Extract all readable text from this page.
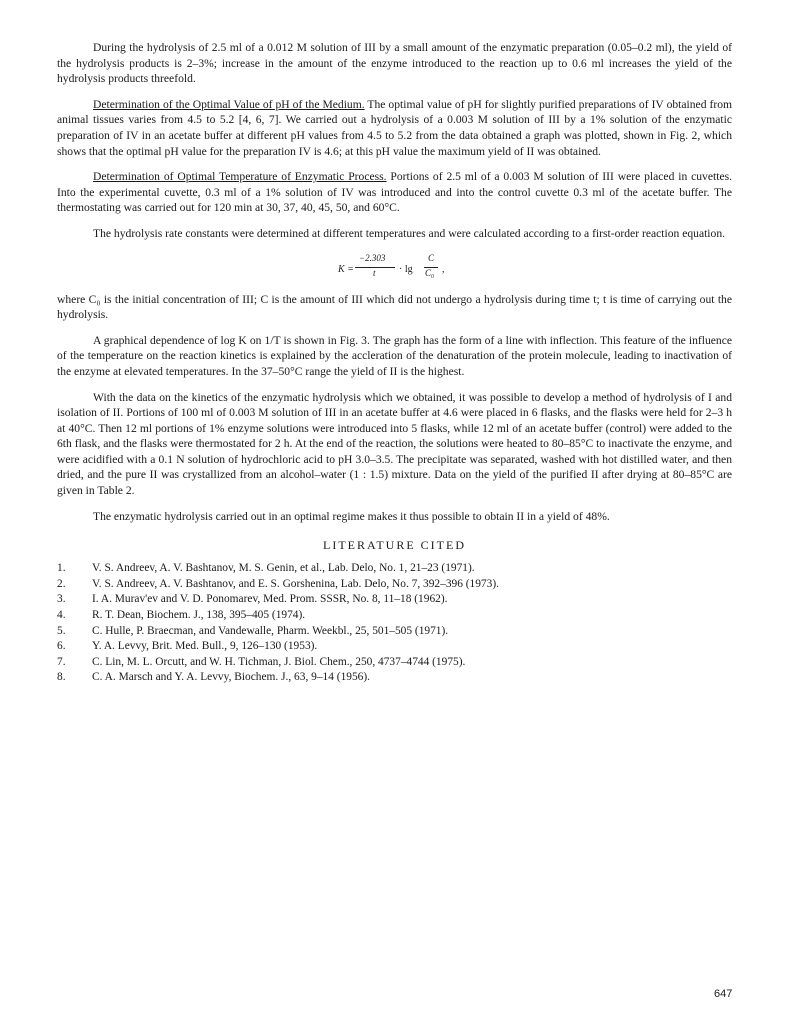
During the hydrolysis of 2.5 ml of a 0.012 M solution of III by a small amount of the enzymatic preparation (0.05–0.2 ml), the yield of the hydrolysis products is 2–3%; increase in the amount of the enzyme introduced to the reaction up to 0.6 ml increases the yield of the hydrolysis products threefold.

Determination of the Optimal Value of pH of the Medium. The optimal value of pH for slightly purified preparations of IV obtained from animal tissues varies from 4.5 to 5.2 [4, 6, 7]. We carried out a hydrolysis of a 0.003 M solution of III by a 1% solution of the enzymatic preparation of IV in an acetate buffer at different pH values from 4.5 to 5.2 from the data obtained a graph was plotted, shown in Fig. 2, which shows that the optimal pH value for the preparation IV is 4.6; at this pH value the maximum yield of II was obtained.

Determination of Optimal Temperature of Enzymatic Process. Portions of 2.5 ml of a 0.003 M solution of III were placed in cuvettes. Into the experimental cuvette, 0.3 ml of a 1% solution of IV was introduced and into the control cuvette 0.3 ml of the acetate buffer. The thermostating was carried out for 120 min at 30, 37, 40, 45, 50, and 60°C.

The hydrolysis rate constants were determined at different temperatures and were calculated according to a first-order reaction equation.

K =
−2.303
t · lg
C
C₀ ,

where C₀ is the initial concentration of III; C is the amount of III which did not undergo a hydrolysis during time t; t is time of carrying out the hydrolysis.

A graphical dependence of log K on 1/T is shown in Fig. 3. The graph has the form of a line with inflection. This feature of the influence of the temperature on the reaction kinetics is explained by the accleration of the denaturation of the protein molecule, leading to inactivation of the enzyme at elevated temperatures. In the 37–50°C range the yield of II is the highest.

With the data on the kinetics of the enzymatic hydrolysis which we obtained, it was possible to develop a method of hydrolysis of I and isolation of II. Portions of 100 ml of 0.003 M solution of III in an acetate buffer at 4.6 were placed in 6 flasks, and the flasks were held for 2–3 h at 40°C. Then 12 ml portions of 1% enzyme solutions were introduced into 5 flasks, while 12 ml of an acetate buffer (control) were added to the 6th flask, and the flasks were thermostated for 2 h. At the end of the reaction, the solutions were heated to 80–85°C to inactivate the enzyme, and were acidified with a 0.1 N solution of hydrochloric acid to pH 3.0–3.5. The precipitate was separated, washed with hot distilled water, and then dried, and the pure II was crystallized from an alcohol–water (1 : 1.5) mixture. Data on the yield of the purified II after drying at 80–85°C are given in Table 2.

The enzymatic hydrolysis carried out in an optimal regime makes it thus possible to obtain II in a yield of 48%.

LITERATURE CITED
1. V. S. Andreev, A. V. Bashtanov, M. S. Genin, et al., Lab. Delo, No. 1, 21–23 (1971).
2. V. S. Andreev, A. V. Bashtanov, and E. S. Gorshenina, Lab. Delo, No. 7, 392–396 (1973).
3. I. A. Murav'ev and V. D. Ponomarev, Med. Prom. SSSR, No. 8, 11–18 (1962).
4. R. T. Dean, Biochem. J., 138, 395–405 (1974).
5. C. Hulle, P. Braecman, and Vandewalle, Pharm. Weekbl., 25, 501–505 (1971).
6. Y. A. Levvy, Brit. Med. Bull., 9, 126–130 (1953).
7. C. Lin, M. L. Orcutt, and W. H. Tichman, J. Biol. Chem., 250, 4737–4744 (1975).
8. C. A. Marsch and Y. A. Levvy, Biochem. J., 63, 9–14 (1956).
647
